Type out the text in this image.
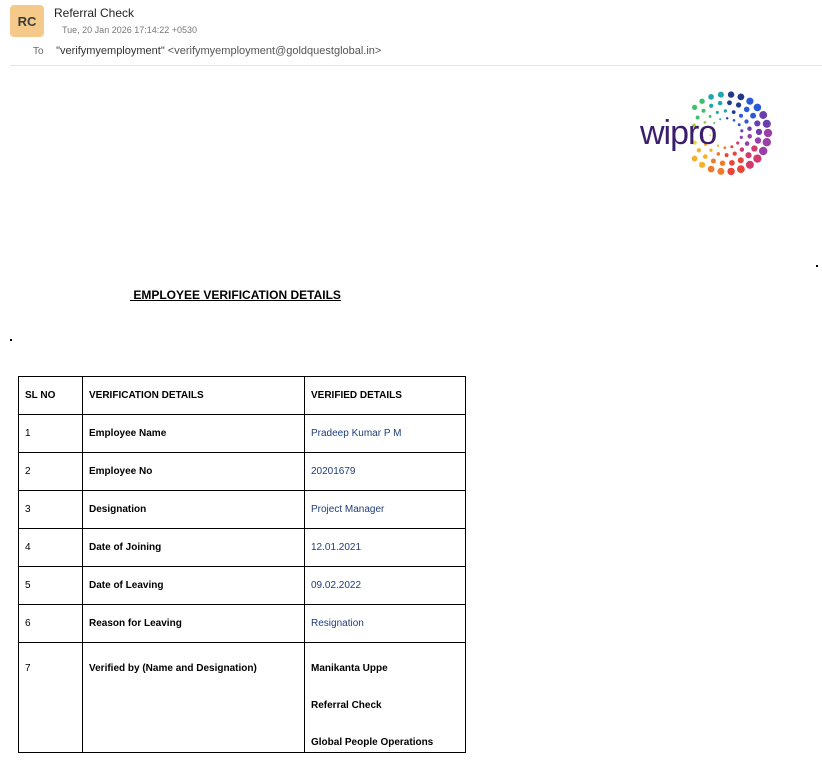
RC
Referral Check
Tue, 20 Jan 2026 17:14:22 +0530
To "verifymyemployment" <verifymyemployment@goldquestglobal.in>
wipro
EMPLOYEE VERIFICATION DETAILS
SL NO	VERIFICATION DETAILS	VERIFIED DETAILS
1	Employee Name	Pradeep Kumar P M
2	Employee No	20201679
3	Designation	Project Manager
4	Date of Joining	12.01.2021
5	Date of Leaving	09.02.2022
6	Reason for Leaving	Resignation
7	Verified by (Name and Designation)	Manikanta Uppe
Referral Check
Global People Operations
